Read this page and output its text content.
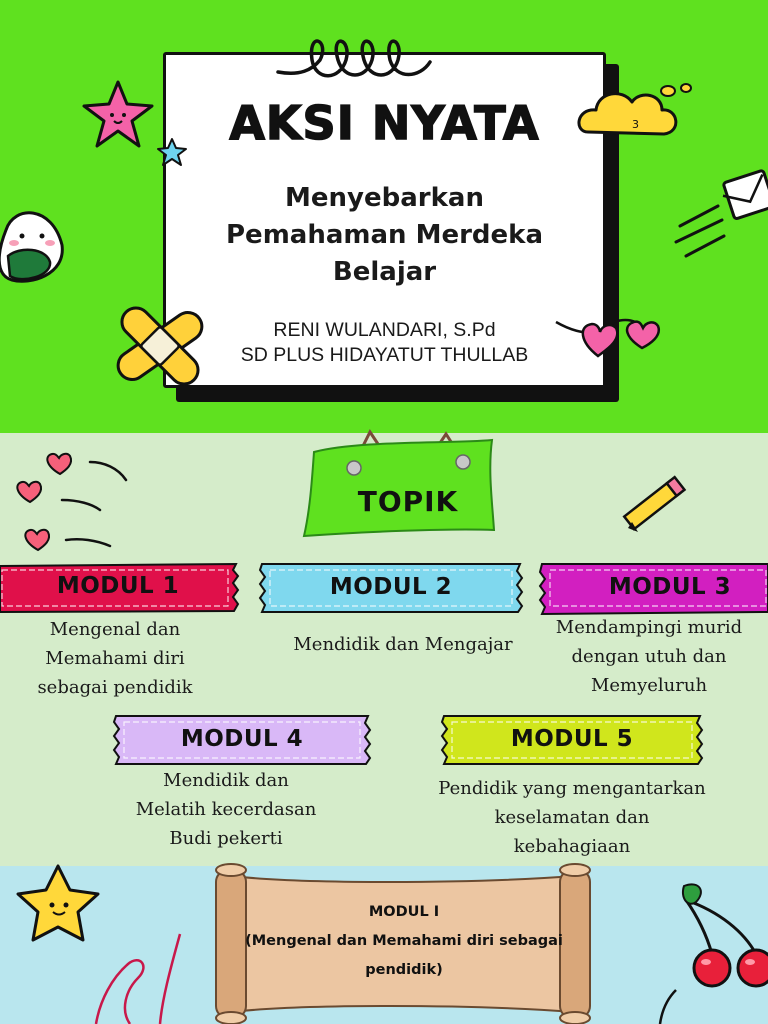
3
AKSI NYATA
Menyebarkan
Pemahaman Merdeka
Belajar
RENI WULANDARI, S.Pd
SD PLUS HIDAYATUT THULLAB
TOPIK
MODUL 1	MODUL 2	MODUL 3
MODUL 4	MODUL 5
Mengenal dan
Memahami diri
sebagai pendidik
Mendidik dan Mengajar
Mendampingi murid
dengan utuh dan
Memyeluruh
Mendidik dan
Melatih kecerdasan
Budi pekerti
Pendidik yang mengantarkan
keselamatan dan
kebahagiaan
MODUL I
(Mengenal dan Memahami diri sebagai
pendidik)
